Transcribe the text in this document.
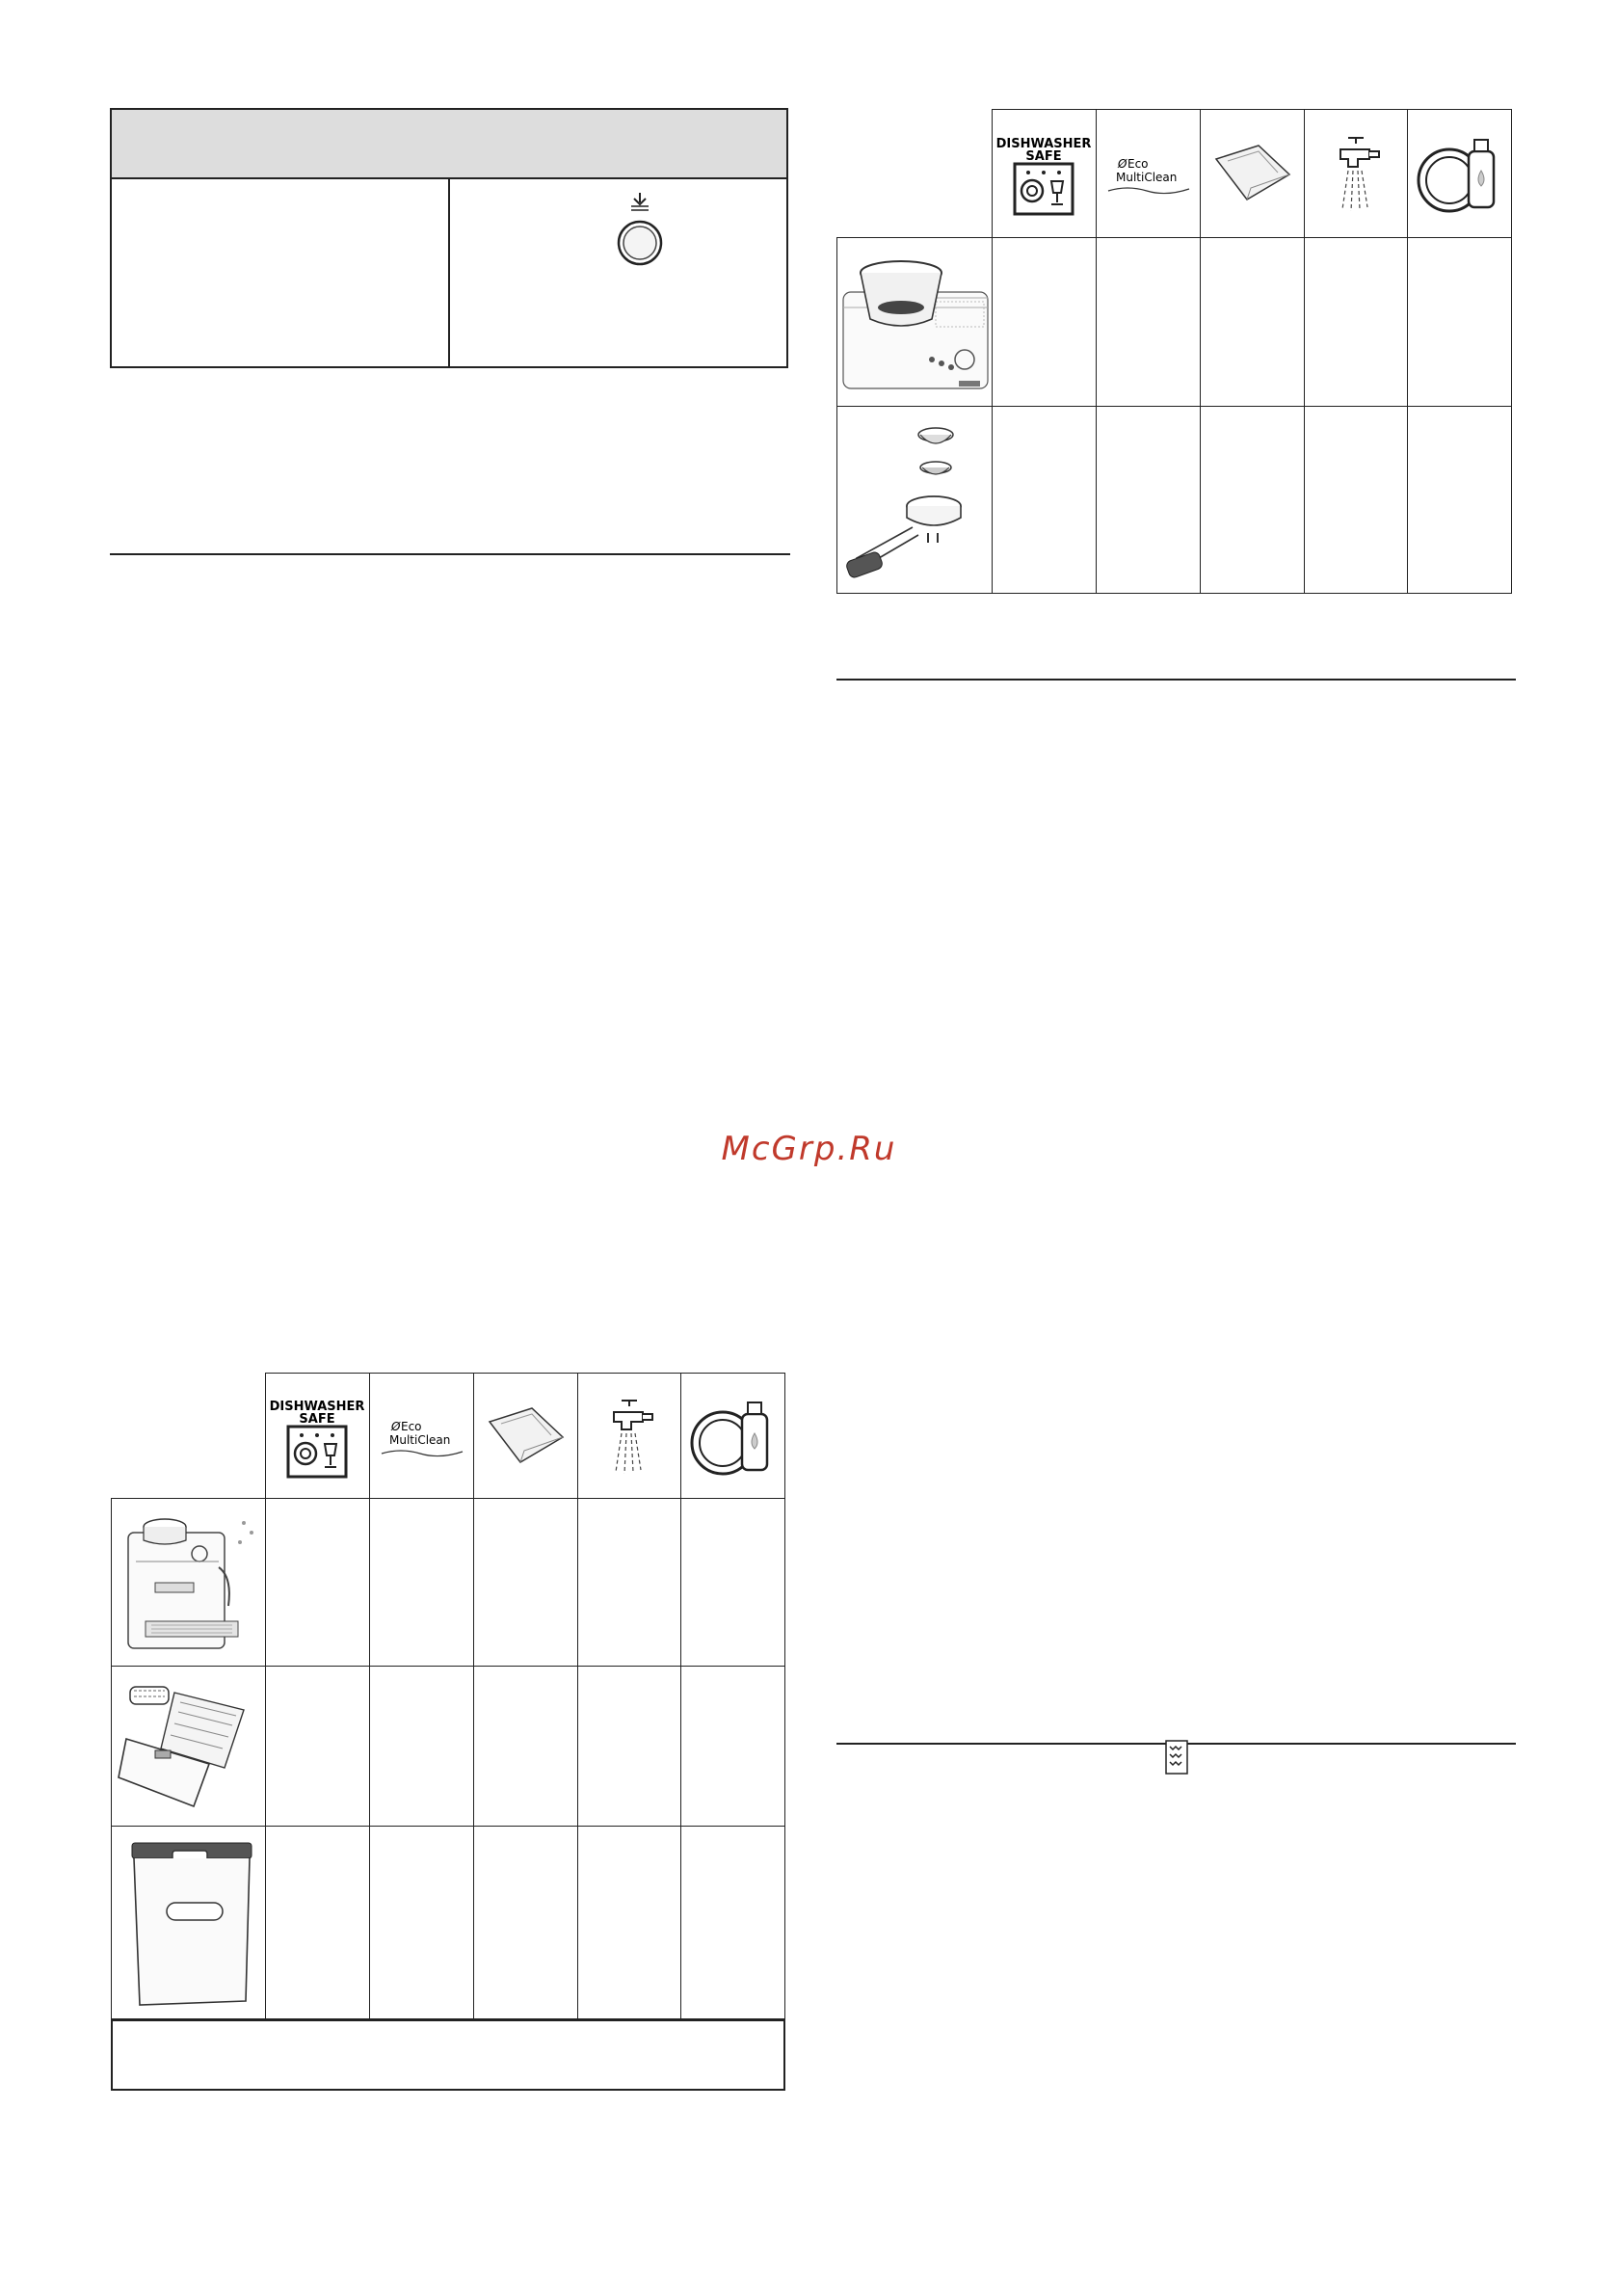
DISHWASHER
SAFE	Ø Eco
MultiClean

McGrp.Ru

DISHWASHER
SAFE	Ø Eco
MultiClean
